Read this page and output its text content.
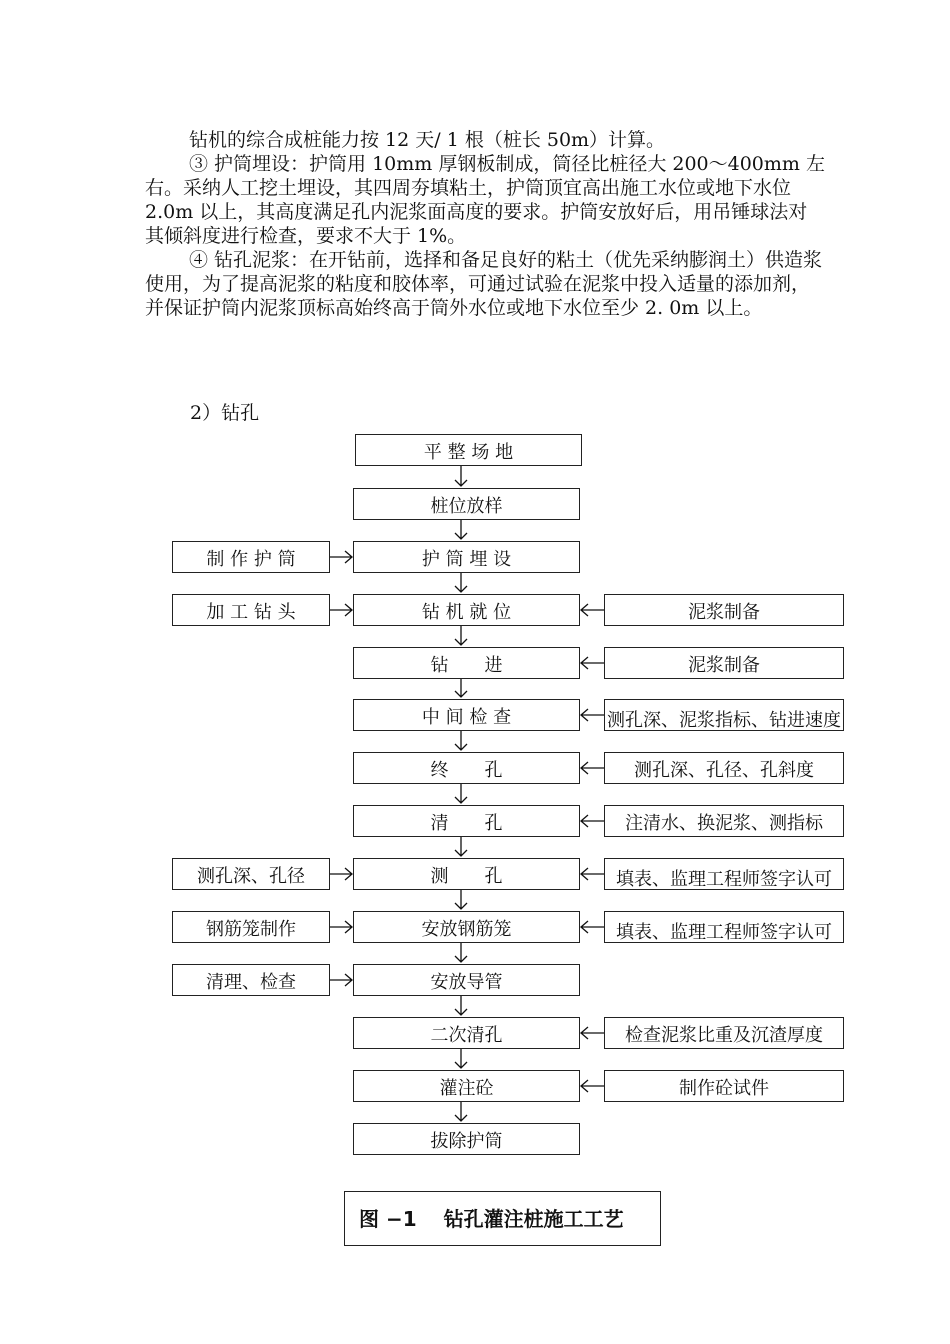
钻机的综合成桩能力按 12 天/ 1 根（桩长 50m）计算。

③ 护筒埋设：护筒用 10mm 厚钢板制成，筒径比桩径大 200～400mm 左右。采纳人工挖土埋设，其四周夯填粘土，护筒顶宜高出施工水位或地下水位 2.0m 以上，其高度满足孔内泥浆面高度的要求。护筒安放好后，用吊锤球法对其倾斜度进行检查，要求不大于 1%。

④ 钻孔泥浆：在开钻前，选择和备足良好的粘土（优先采纳膨润土）供造浆使用，为了提高泥浆的粘度和胶体率，可通过试验在泥浆中投入适量的添加剂，并保证护筒内泥浆顶标高始终高于筒外水位或地下水位至少 2. 0m 以上。

2）钻孔
平 整 场 地
桩位放样
护 筒 埋 设
钻 机 就 位
钻　　进
中 间 检 查
终　　孔
清　　孔
测　　孔
安放钢筋笼
安放导管
二次清孔
灌注砼
拔除护筒
制 作 护 筒
加 工 钻 头
测孔深、孔径
钢筋笼制作
清理、检查
泥浆制备
泥浆制备
测孔深、泥浆指标、钻进速度
测孔深、孔径、孔斜度
注清水、换泥浆、测指标
填表、监理工程师签字认可
填表、监理工程师签字认可
检查泥浆比重及沉渣厚度
制作砼试件
图 −1　 钻孔灌注桩施工工艺
